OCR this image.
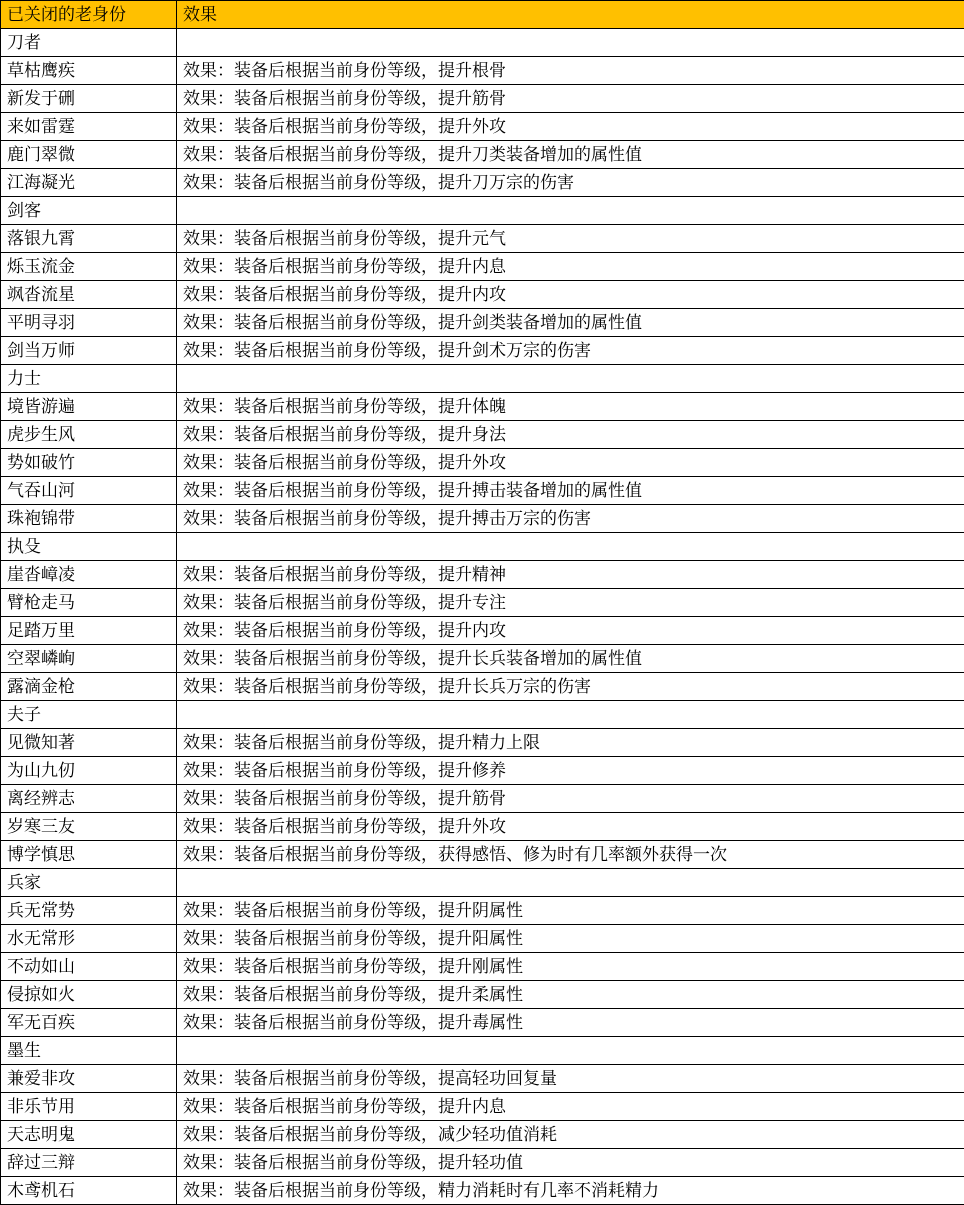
已关闭的老身份	效果
刀者	
草枯鹰疾	效果：装备后根据当前身份等级，提升根骨
新发于硎	效果：装备后根据当前身份等级，提升筋骨
来如雷霆	效果：装备后根据当前身份等级，提升外攻
鹿门翠微	效果：装备后根据当前身份等级，提升刀类装备增加的属性值
江海凝光	效果：装备后根据当前身份等级，提升刀万宗的伤害
剑客	
落银九霄	效果：装备后根据当前身份等级，提升元气
烁玉流金	效果：装备后根据当前身份等级，提升内息
飒沓流星	效果：装备后根据当前身份等级，提升内攻
平明寻羽	效果：装备后根据当前身份等级，提升剑类装备增加的属性值
剑当万师	效果：装备后根据当前身份等级，提升剑术万宗的伤害
力士	
境皆游遍	效果：装备后根据当前身份等级，提升体魄
虎步生风	效果：装备后根据当前身份等级，提升身法
势如破竹	效果：装备后根据当前身份等级，提升外攻
气吞山河	效果：装备后根据当前身份等级，提升搏击装备增加的属性值
珠袍锦带	效果：装备后根据当前身份等级，提升搏击万宗的伤害
执殳	
崖沓嶂凌	效果：装备后根据当前身份等级，提升精神
臂枪走马	效果：装备后根据当前身份等级，提升专注
足踏万里	效果：装备后根据当前身份等级，提升内攻
空翠嶙峋	效果：装备后根据当前身份等级，提升长兵装备增加的属性值
露滴金枪	效果：装备后根据当前身份等级，提升长兵万宗的伤害
夫子	
见微知著	效果：装备后根据当前身份等级，提升精力上限
为山九仞	效果：装备后根据当前身份等级，提升修养
离经辨志	效果：装备后根据当前身份等级，提升筋骨
岁寒三友	效果：装备后根据当前身份等级，提升外攻
博学慎思	效果：装备后根据当前身份等级，获得感悟、修为时有几率额外获得一次
兵家	
兵无常势	效果：装备后根据当前身份等级，提升阴属性
水无常形	效果：装备后根据当前身份等级，提升阳属性
不动如山	效果：装备后根据当前身份等级，提升刚属性
侵掠如火	效果：装备后根据当前身份等级，提升柔属性
军无百疾	效果：装备后根据当前身份等级，提升毒属性
墨生	
兼爱非攻	效果：装备后根据当前身份等级，提高轻功回复量
非乐节用	效果：装备后根据当前身份等级，提升内息
天志明鬼	效果：装备后根据当前身份等级，减少轻功值消耗
辞过三辩	效果：装备后根据当前身份等级，提升轻功值
木鸢机石	效果：装备后根据当前身份等级，精力消耗时有几率不消耗精力
